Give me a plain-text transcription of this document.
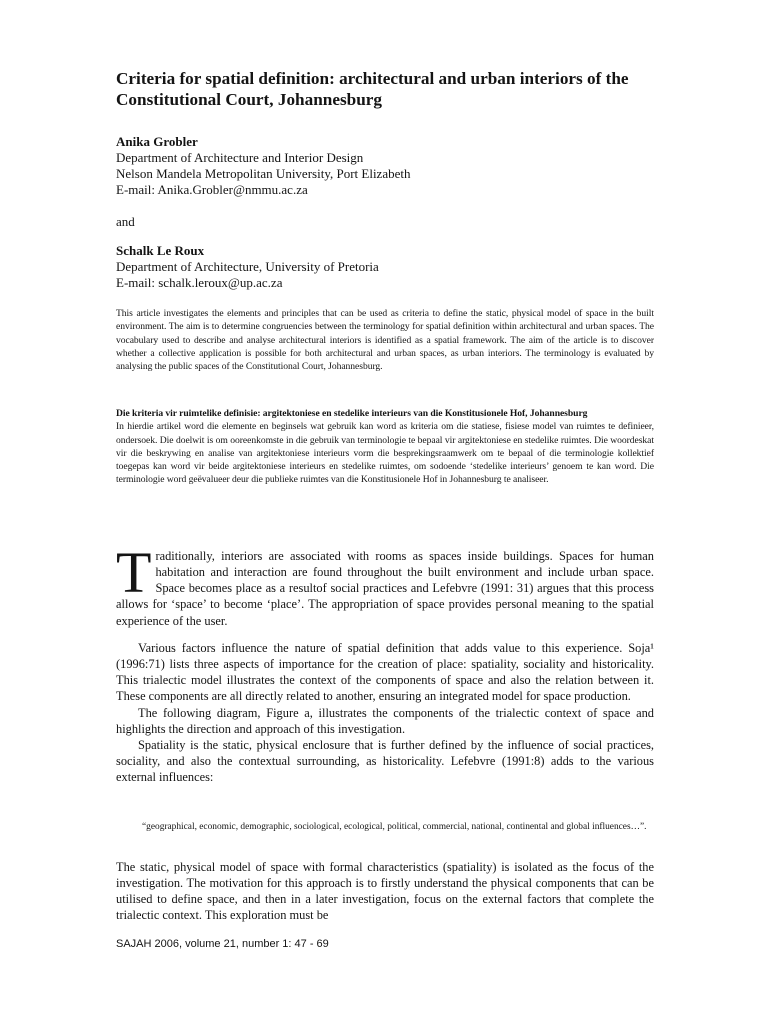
Criteria for spatial definition: architectural and urban interiors of the Constitutional Court, Johannesburg
Anika Grobler
Department of Architecture and Interior Design
Nelson Mandela Metropolitan University, Port Elizabeth
E-mail: Anika.Grobler@nmmu.ac.za
and
Schalk Le Roux
Department of Architecture, University of Pretoria
E-mail: schalk.leroux@up.ac.za

This article investigates the elements and principles that can be used as criteria to define the static, physical model of space in the built environment. The aim is to determine congruencies between the terminology for spatial definition within architectural and urban spaces. The vocabulary used to describe and analyse architectural interiors is identified as a spatial framework. The aim of the article is to discover whether a collective application is possible for both architectural and urban spaces, as urban interiors. The terminology is evaluated by analysing the public spaces of the Constitutional Court, Johannesburg.

Die kriteria vir ruimtelike definisie: argitektoniese en stedelike interieurs van die Konstitusionele Hof, Johannesburg
In hierdie artikel word die elemente en beginsels wat gebruik kan word as kriteria om die statiese, fisiese model van ruimtes te definieer, ondersoek. Die doelwit is om ooreenkomste in die gebruik van terminologie te bepaal vir argitektoniese en stedelike ruimtes. Die woordeskat vir die beskrywing en analise van argitektoniese interieurs vorm die besprekingsraamwerk om te bepaal of die terminologie kollektief toegepas kan word vir beide argitektoniese interieurs en stedelike ruimtes, om sodoende ‘stedelike interieurs’ genoem te kan word. Die terminologie word geëvalueer deur die publieke ruimtes van die Konstitusionele Hof in Johannesburg te analiseer.
Traditionally, interiors are associated with rooms as spaces inside buildings. Spaces for human habitation and interaction are found throughout the built environment and include urban space. Space becomes place as a resultof social practices and Lefebvre (1991: 31) argues that this process allows for ‘space’ to become ‘place’. The appropriation of space provides personal meaning to the spatial experience of the user.

Various factors influence the nature of spatial definition that adds value to this experience. Soja¹ (1996:71) lists three aspects of importance for the creation of place: spatiality, sociality and historicality. This trialectic model illustrates the context of the components of space and also the relation between it. These components are all directly related to another, ensuring an integrated model for space production.

The following diagram, Figure a, illustrates the components of the trialectic context of space and highlights the direction and approach of this investigation.

Spatiality is the static, physical enclosure that is further defined by the influence of social practices, sociality, and also the contextual surrounding, as historicality. Lefebvre (1991:8) adds to the various external influences:

“geographical, economic, demographic, sociological, ecological, political, commercial, national, continental and global influences…”.

The static, physical model of space with formal characteristics (spatiality) is isolated as the focus of the investigation. The motivation for this approach is to firstly understand the physical components that can be utilised to define space, and then in a later investigation, focus on the external factors that complete the trialectic context. This exploration must be

SAJAH 2006, volume 21, number 1: 47 - 69
